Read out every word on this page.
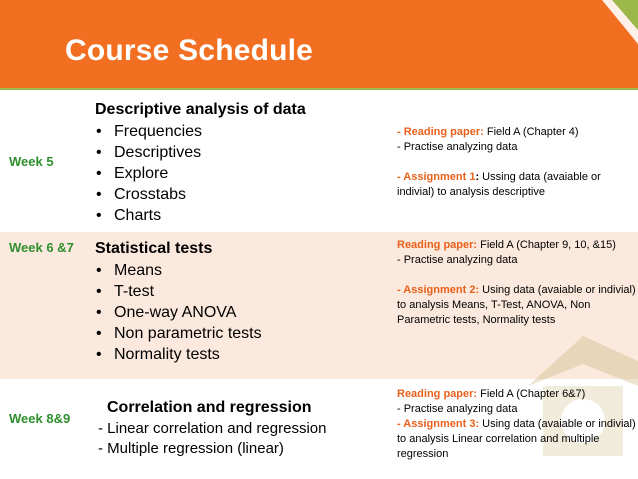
Course Schedule
Week 5
Descriptive analysis of data
• Frequencies
• Descriptives
• Explore
• Crosstabs
• Charts
- Reading paper: Field A (Chapter 4)
- Practise analyzing data
- Assignment 1: Ussing data (avaiable or indivial) to analysis descriptive
Week 6 &7 Statistical tests
• Means
• T-test
• One-way ANOVA
• Non parametric tests
• Normality tests
Reading paper: Field A (Chapter 9, 10, &15)
- Practise analyzing data
- Assignment 2: Using data (avaiable or indivial) to analysis Means, T-Test, ANOVA, Non Parametric tests, Normality tests
Week 8&9
Correlation and regression
- Linear correlation and regression
- Multiple regression (linear)
Reading paper: Field A (Chapter 6&7)
- Practise analyzing data
- Assignment 3: Using data (avaiable or indivial) to analysis Linear correlation and multiple regression
